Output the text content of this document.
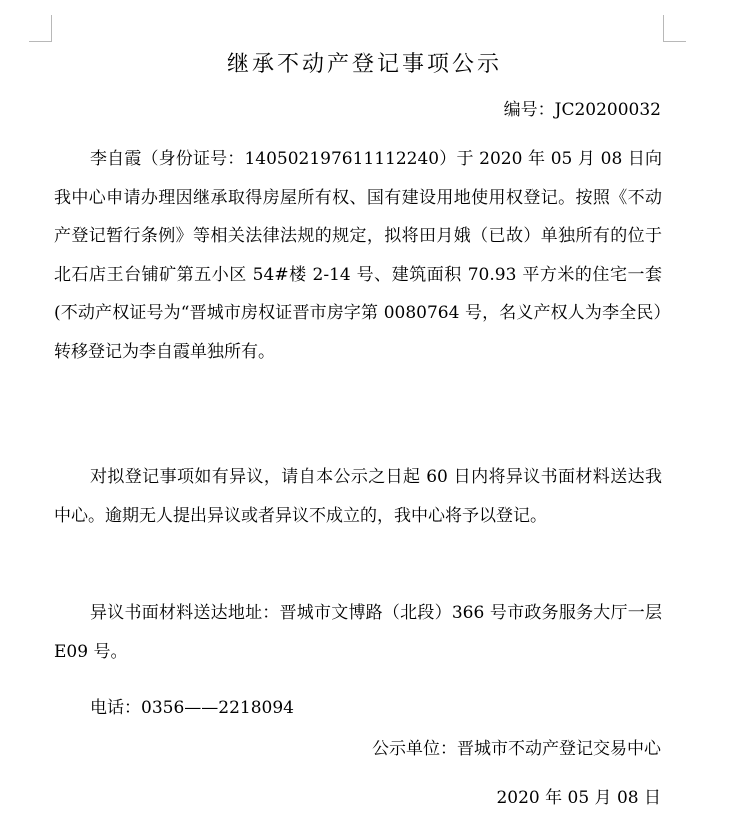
继承不动产登记事项公示
编号：JC20200032

李自霞（身份证号：140502197611112240）于 2020 年 05 月 08 日向我中心申请办理因继承取得房屋所有权、国有建设用地使用权登记。按照《不动产登记暂行条例》等相关法律法规的规定，拟将田月娥（已故）单独所有的位于北石店王台铺矿第五小区 54#楼 2-14 号、建筑面积 70.93 平方米的住宅一套(不动产权证号为“晋城市房权证晋市房字第 0080764 号，名义产权人为李全民）转移登记为李自霞单独所有。

对拟登记事项如有异议，请自本公示之日起 60 日内将异议书面材料送达我中心。逾期无人提出异议或者异议不成立的，我中心将予以登记。

异议书面材料送达地址：晋城市文博路（北段）366 号市政务服务大厅一层 E09 号。

电话：0356——2218094

公示单位：晋城市不动产登记交易中心
2020 年 05 月 08 日
